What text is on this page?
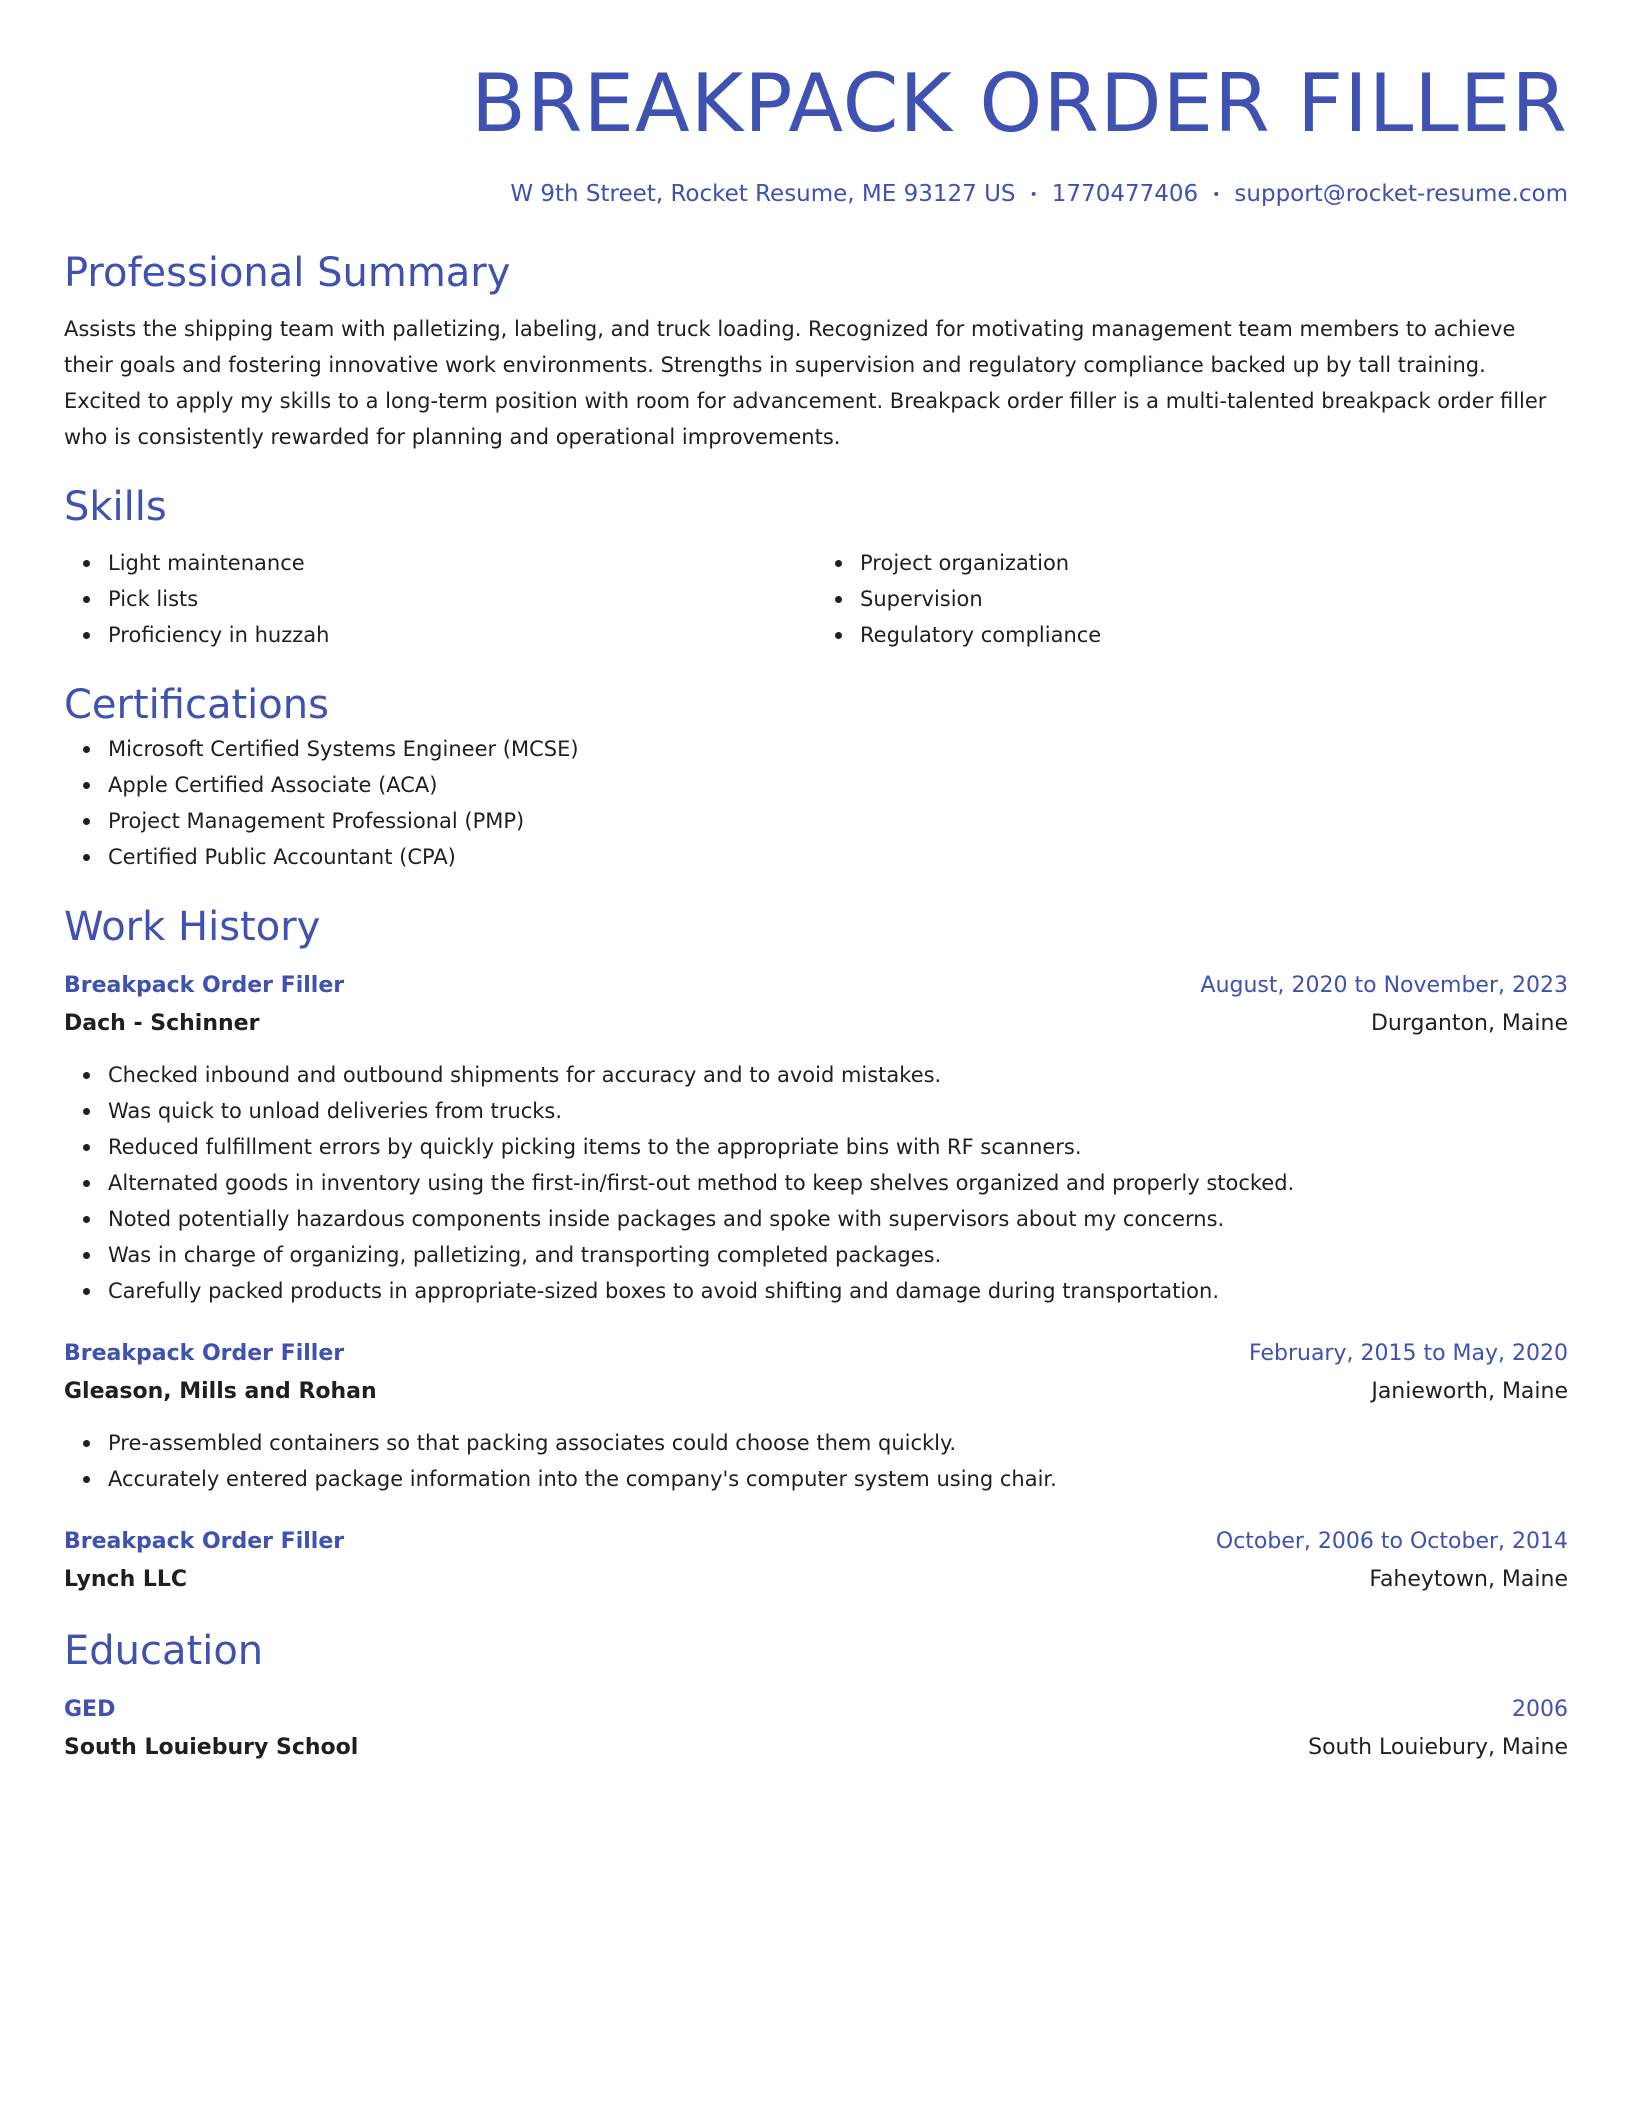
BREAKPACK ORDER FILLER
W 9th Street, Rocket Resume, ME 93127 US • 1770477406 • support@rocket-resume.com
Professional Summary
Assists the shipping team with palletizing, labeling, and truck loading. Recognized for motivating management team members to achieve their goals and fostering innovative work environments. Strengths in supervision and regulatory compliance backed up by tall training. Excited to apply my skills to a long-term position with room for advancement. Breakpack order filler is a multi-talented breakpack order filler who is consistently rewarded for planning and operational improvements.
Skills
Light maintenance
Pick lists
Proficiency in huzzah
Project organization
Supervision
Regulatory compliance
Certifications
Microsoft Certified Systems Engineer (MCSE)
Apple Certified Associate (ACA)
Project Management Professional (PMP)
Certified Public Accountant (CPA)
Work History
Breakpack Order Filler	August, 2020 to November, 2023
Dach - Schinner	Durganton, Maine
Checked inbound and outbound shipments for accuracy and to avoid mistakes.
Was quick to unload deliveries from trucks.
Reduced fulfillment errors by quickly picking items to the appropriate bins with RF scanners.
Alternated goods in inventory using the first-in/first-out method to keep shelves organized and properly stocked.
Noted potentially hazardous components inside packages and spoke with supervisors about my concerns.
Was in charge of organizing, palletizing, and transporting completed packages.
Carefully packed products in appropriate-sized boxes to avoid shifting and damage during transportation.
Breakpack Order Filler	February, 2015 to May, 2020
Gleason, Mills and Rohan	Janieworth, Maine
Pre-assembled containers so that packing associates could choose them quickly.
Accurately entered package information into the company's computer system using chair.
Breakpack Order Filler	October, 2006 to October, 2014
Lynch LLC	Faheytown, Maine
Education
GED	2006
South Louiebury School	South Louiebury, Maine
